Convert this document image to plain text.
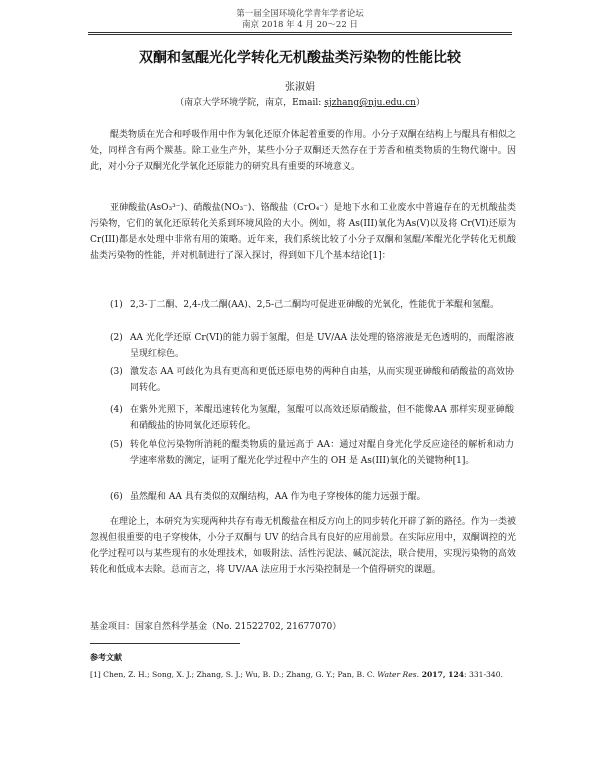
第一届全国环境化学青年学者论坛
南京 2018 年 4 月 20～22 日
双酮和氢醌光化学转化无机酸盐类污染物的性能比较
张淑娟
（南京大学环境学院，南京，Email: sjzhang@nju.edu.cn）

醌类物质在光合和呼吸作用中作为氧化还原介体起着重要的作用。小分子双酮在结构上与醌具有相似之处，同样含有两个羰基。除工业生产外，某些小分子双酮还天然存在于芳香和植类物质的生物代谢中。因此，对小分子双酮光化学氧化还原能力的研究具有重要的环境意义。

亚砷酸盐(AsO₃³⁻)、硝酸盐(NO₃⁻)、铬酸盐（CrO₄⁻）是地下水和工业废水中普遍存在的无机酸盐类污染物，它们的氧化还原转化关系到环境风险的大小。例如，将 As(III)氧化为As(V)以及将 Cr(VI)还原为 Cr(III)都是水处理中非常有用的策略。近年来，我们系统比较了小分子双酮和氢醌/苯醌光化学转化无机酸盐类污染物的性能，并对机制进行了深入探讨，得到如下几个基本结论[1]：

(1) 2,3-丁二酮、2,4-戊二酮(AA)、2,5-己二酮均可促进亚砷酸的光氧化，性能优于苯醌和氢醌。
(2) AA 光化学还原 Cr(VI)的能力弱于氢醌，但是 UV/AA 法处理的铬溶液是无色透明的，而醌溶液呈现红棕色。
(3) 激发态 AA 可歧化为具有更高和更低还原电势的两种自由基，从而实现亚砷酸和硝酸盐的高效协同转化。
(4) 在紫外光照下，苯醌迅速转化为氢醌，氢醌可以高效还原硝酸盐，但不能像AA 那样实现亚砷酸和硝酸盐的协同氧化还原转化。
(5) 转化单位污染物所消耗的醌类物质的量远高于 AA：通过对醌自身光化学反应途径的解析和动力学速率常数的测定，证明了醌光化学过程中产生的 OH 是 As(III)氧化的关键物种[1]。
(6) 虽然醌和 AA 具有类似的双酮结构，AA 作为电子穿梭体的能力远强于醌。

在理论上，本研究为实现两种共存有毒无机酸盐在相反方向上的同步转化开辟了新的路径。作为一类被忽视但很重要的电子穿梭体，小分子双酮与 UV 的结合具有良好的应用前景。在实际应用中，双酮调控的光化学过程可以与某些现有的水处理技术，如吸附法、活性污泥法、碱沉淀法，联合使用，实现污染物的高效转化和低成本去除。总而言之，将 UV/AA 法应用于水污染控制是一个值得研究的课题。

基金项目：国家自然科学基金（No. 21522702, 21677070）
参考文献
[1] Chen, Z. H.; Song, X. J.; Zhang, S. J.; Wu, B. D.; Zhang, G. Y.; Pan, B. C. Water Res. 2017, 124: 331-340.
